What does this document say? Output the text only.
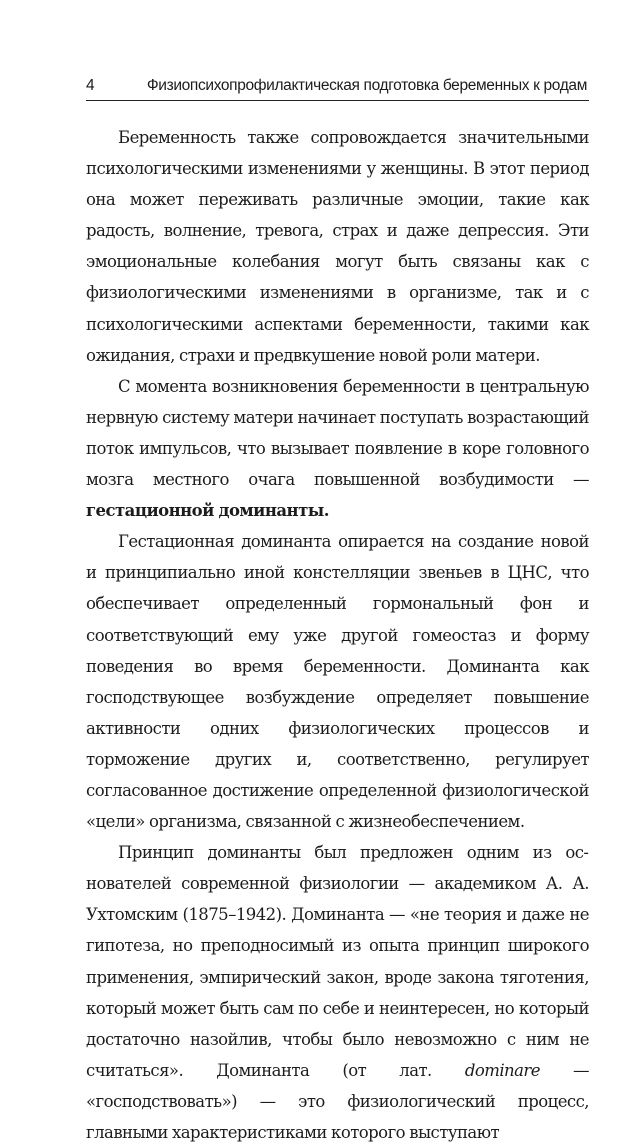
4	Физиопсихопрофилактическая подготовка беременных к родам

Беременность также сопровождается значительными психологическими изменениями у женщины. В этот период она может переживать различные эмоции, такие как радость, волнение, тревога, страх и даже депрессия. Эти эмоциональные колебания могут быть связаны как с физиологическими изменениями в организме, так и с психологическими аспектами беременности, такими как ожидания, страхи и предвкушение новой роли матери.

С момента возникновения беременности в центральную нервную систему матери начинает поступать возрастающий поток импульсов, что вызывает появление в коре головного мозга местного очага повышенной возбудимости — гестационной доминанты.

Гестационная доминанта опирается на создание новой и принципиально иной констелляции звеньев в ЦНС, что обеспечивает определенный гормональный фон и соответствующий ему уже другой гомеостаз и форму поведения во время беременности. Доминанта как господствующее возбуждение определяет повышение активности одних физиологических процессов и торможение других и, соответственно, регулирует согласованное достижение определенной физиологической «цели» организма, связанной с жизнеобеспечением.

Принцип доминанты был предложен одним из основателей современной физиологии — академиком А. А. Ухтомским (1875–1942). Доминанта — «не теория и даже не гипотеза, но преподносимый из опыта принцип широкого применения, эмпирический закон, вроде закона тяготения, который может быть сам по себе и неинтересен, но который достаточно назойлив, чтобы было невозможно с ним не считаться». Доминанта (от лат. dominare — «господствовать») — это физиологический процесс, главными характеристиками которого выступают
